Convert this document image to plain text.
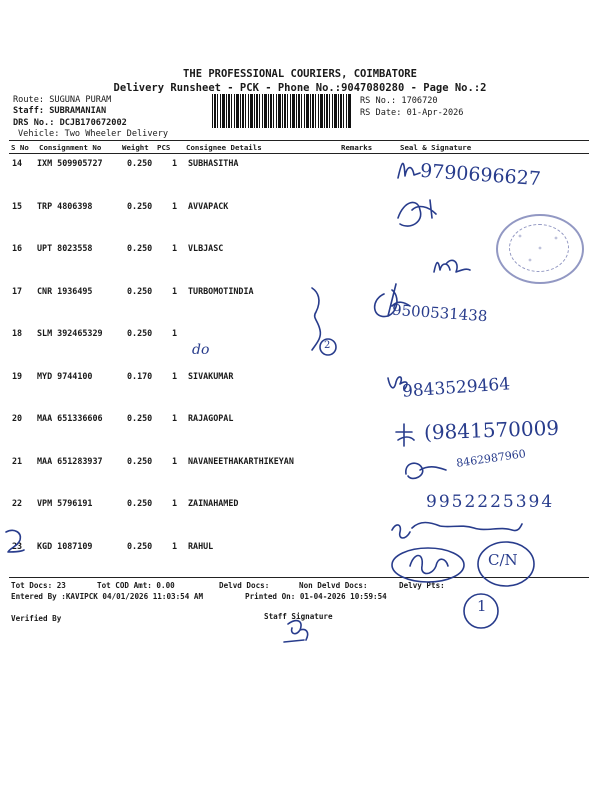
THE PROFESSIONAL COURIERS, COIMBATORE
Delivery Runsheet - PCK - Phone No.:9047080280 - Page No.:2
Route: SUGUNA PURAM
Staff: SUBRAMANIAN
DRS No.: DCJB170672002
Vehicle: Two Wheeler Delivery
RS No.: 1706720
RS Date: 01-Apr-2026
S No Consignment No	Weight PCS Consignee Details	Remarks	Seal & Signature
14 IXM 509905727	0.250 1 SUBHASITHA
15 TRP 4806398	0.250 1 AVVAPACK
16 UPT 8023558	0.250 1 VLBJASC
17 CNR 1936495	0.250 1 TURBOMOTINDIA
18 SLM 392465329	0.250 1
19 MYD 9744100	0.170 1 SIVAKUMAR
20 MAA 651336606	0.250 1 RAJAGOPAL
21 MAA 651283937	0.250 1 NAVANEETHAKARTHIKEYAN
22 VPM 5796191	0.250 1 ZAINAHAMED
23 KGD 1087109	0.250 1 RAHUL
Tot Docs: 23	Tot COD Amt: 0.00	Delvd Docs:	Non Delvd Docs:	Delvy Pts:
Entered By :KAVIPCK 04/01/2026 11:03:54 AM	Printed On: 01-04-2026 10:59:54
Verified By	Staff Signature
9790696627
do
9500531438
9843529464
(9841570009
8462987960
9952225394
C/N
1
2
